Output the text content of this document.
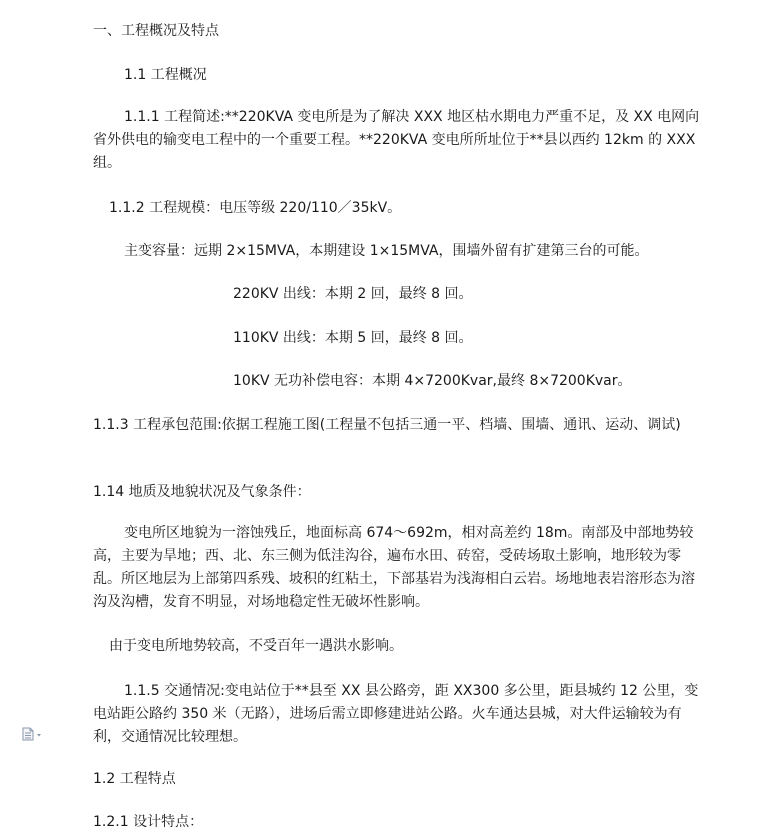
一、工程概况及特点
1.1 工程概况
1.1.1 工程简述:**220KVA 变电所是为了解决 XXX 地区枯水期电力严重不足，及 XX 电网向省外供电的输变电工程中的一个重要工程。**220KVA 变电所所址位于**县以西约 12km 的 XXX 组。
1.1.2 工程规模：电压等级 220/110／35kV。
主变容量：远期 2×15MVA，本期建设 1×15MVA，围墙外留有扩建第三台的可能。
220KV 出线：本期 2 回，最终 8 回。
110KV 出线：本期 5 回，最终 8 回。
10KV 无功补偿电容：本期 4×7200Kvar,最终 8×7200Kvar。
1.1.3 工程承包范围:依据工程施工图(工程量不包括三通一平、档墙、围墙、通讯、运动、调试)
1.14 地质及地貌状况及气象条件：
变电所区地貌为一溶蚀残丘，地面标高 674～692m，相对高差约 18m。南部及中部地势较高，主要为旱地；西、北、东三侧为低洼沟谷，遍布水田、砖窑，受砖场取土影响，地形较为零乱。所区地层为上部第四系残、坡积的红粘土，下部基岩为浅海相白云岩。场地地表岩溶形态为溶沟及沟槽，发育不明显，对场地稳定性无破坏性影响。
由于变电所地势较高，不受百年一遇洪水影响。
1.1.5 交通情况:变电站位于**县至 XX 县公路旁，距 XX300 多公里，距县城约 12 公里，变电站距公路约 350 米（无路），进场后需立即修建进站公路。火车通达县城，对大件运输较为有利，交通情况比较理想。
1.2 工程特点
1.2.1 设计特点：
